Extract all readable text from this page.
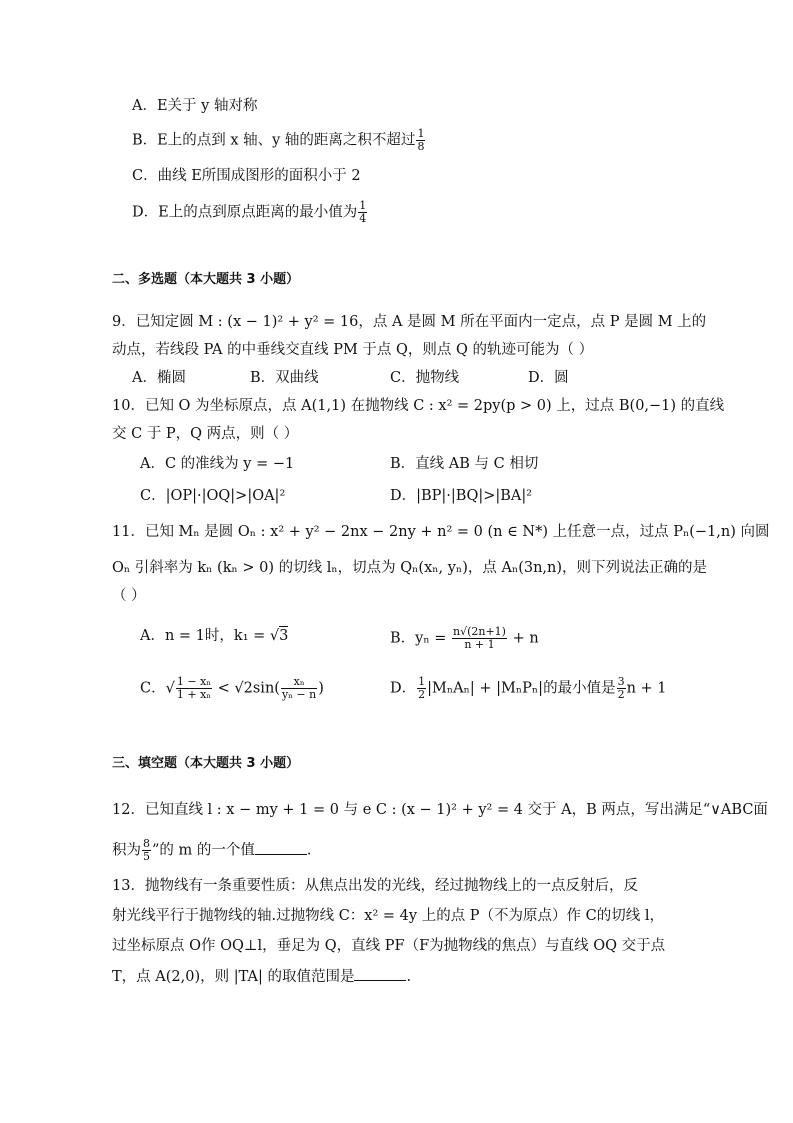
A．E关于 y 轴对称
B．E上的点到 x 轴、y 轴的距离之积不超过 $\frac{1}{8}$
C．曲线 E所围成图形的面积小于 2
D．E上的点到原点距离的最小值为 $\frac{1}{4}$
二、多选题（本大题共 3 小题）
9．已知定圆 M : (x − 1)² + y² = 16，点 A 是圆 M 所在平面内一定点，点 P 是圆 M 上的
动点，若线段 PA 的中垂线交直线 PM 于点 Q，则点 Q 的轨迹可能为（ ）
A．椭圆	B．双曲线	C．抛物线	D．圆
10．已知 O 为坐标原点，点 A(1,1) 在抛物线 C : x² = 2py(p > 0) 上，过点 B(0,−1) 的直线
交 C 于 P，Q 两点，则（ ）
A．C 的准线为 y = −1	B．直线 AB 与 C 相切
C．|OP|·|OQ|>|OA|²	D．|BP|·|BQ|>|BA|²
11．已知 Mₙ 是圆 Oₙ : x² + y² − 2nx − 2ny + n² = 0 (n ∈ N*) 上任意一点，过点 Pₙ(−1,n) 向圆
Oₙ 引斜率为 kₙ (kₙ > 0) 的切线 lₙ，切点为 Qₙ(xₙ, yₙ)，点 Aₙ(3n,n)，则下列说法正确的是
（ ）
A．n = 1时，k₁ = √3	B．$y_n = \frac{n√(2n+1)}{n + 1} + n$
C．√ $\frac{\text{1 − xₙ}}{\text{1 + xₙ}} < √2\sin( \frac{\text{xₙ}}{\text{yₙ − n}}$ )	D． $\frac{1}{2} |M_nA_n| + |M_nP_n|$的最小值是 $\frac{3}{2}$ n + 1
三、填空题（本大题共 3 小题）
12．已知直线 l : x − my + 1 = 0 与 e C : (x − 1)² + y² = 4 交于 A，B 两点，写出满足“∨ABC面
积为 $\frac{8}{5}$ ”的 m 的一个值	．
13．抛物线有一条重要性质：从焦点出发的光线，经过抛物线上的一点反射后，反
射光线平行于抛物线的轴.过抛物线 C：x² = 4y 上的点 P（不为原点）作 C的切线 l，
过坐标原点 O作 OQ⊥l，垂足为 Q，直线 PF（F为抛物线的焦点）与直线 OQ 交于点
T，点 A(2,0)，则 |TA| 的取值范围是	.
